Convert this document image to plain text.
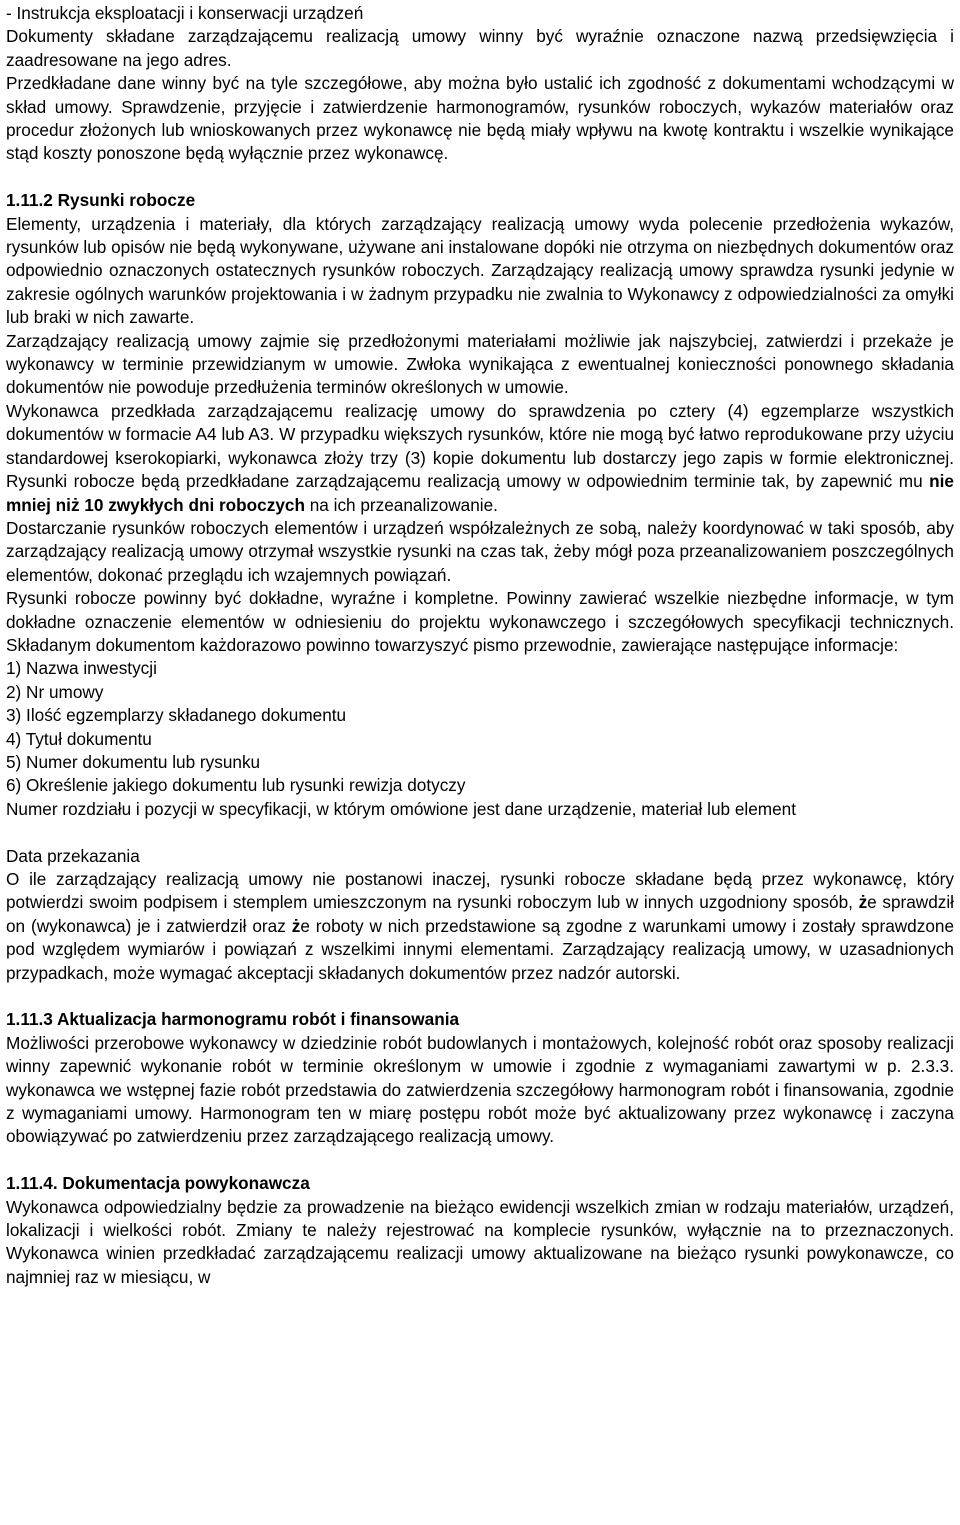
- Instrukcja eksploatacji i konserwacji urządzeń

Dokumenty składane zarządzającemu realizacją umowy winny być wyraźnie oznaczone nazwą przedsięwzięcia i zaadresowane na jego adres.

Przedkładane dane winny być na tyle szczegółowe, aby można było ustalić ich zgodność z dokumentami wchodzącymi w skład umowy. Sprawdzenie, przyjęcie i zatwierdzenie harmonogramów, rysunków roboczych, wykazów materiałów oraz procedur złożonych lub wnioskowanych przez wykonawcę nie będą miały wpływu na kwotę kontraktu i wszelkie wynikające stąd koszty ponoszone będą wyłącznie przez wykonawcę.

1.11.2 Rysunki robocze

Elementy, urządzenia i materiały, dla których zarządzający realizacją umowy wyda polecenie przedłożenia wykazów, rysunków lub opisów nie będą wykonywane, używane ani instalowane dopóki nie otrzyma on niezbędnych dokumentów oraz odpowiednio oznaczonych ostatecznych rysunków roboczych. Zarządzający realizacją umowy sprawdza rysunki jedynie w zakresie ogólnych warunków projektowania i w żadnym przypadku nie zwalnia to Wykonawcy z odpowiedzialności za omyłki lub braki w nich zawarte.

Zarządzający realizacją umowy zajmie się przedłożonymi materiałami możliwie jak najszybciej, zatwierdzi i przekaże je wykonawcy w terminie przewidzianym w umowie. Zwłoka wynikająca z ewentualnej konieczności ponownego składania dokumentów nie powoduje przedłużenia terminów określonych w umowie.

Wykonawca przedkłada zarządzającemu realizację umowy do sprawdzenia po cztery (4) egzemplarze wszystkich dokumentów w formacie A4 lub A3. W przypadku większych rysunków, które nie mogą być łatwo reprodukowane przy użyciu standardowej kserokopiarki, wykonawca złoży trzy (3) kopie dokumentu lub dostarczy jego zapis w formie elektronicznej. Rysunki robocze będą przedkładane zarządzającemu realizacją umowy w odpowiednim terminie tak, by zapewnić mu nie mniej niż 10 zwykłych dni roboczych na ich przeanalizowanie.

Dostarczanie rysunków roboczych elementów i urządzeń współzależnych ze sobą, należy koordynować w taki sposób, aby zarządzający realizacją umowy otrzymał wszystkie rysunki na czas tak, żeby mógł poza przeanalizowaniem poszczególnych elementów, dokonać przeglądu ich wzajemnych powiązań.

Rysunki robocze powinny być dokładne, wyraźne i kompletne. Powinny zawierać wszelkie niezbędne informacje, w tym dokładne oznaczenie elementów w odniesieniu do projektu wykonawczego i szczegółowych specyfikacji technicznych. Składanym dokumentom każdorazowo powinno towarzyszyć pismo przewodnie, zawierające następujące informacje:

1) Nazwa inwestycji
2) Nr umowy
3) Ilość egzemplarzy składanego dokumentu
4) Tytuł dokumentu
5) Numer dokumentu lub rysunku
6) Określenie jakiego dokumentu lub rysunki rewizja dotyczy

Numer rozdziału i pozycji w specyfikacji, w którym omówione jest dane urządzenie, materiał lub element

Data przekazania

O ile zarządzający realizacją umowy nie postanowi inaczej, rysunki robocze składane będą przez wykonawcę, który potwierdzi swoim podpisem i stemplem umieszczonym na rysunki roboczym lub w innych uzgodniony sposób, że sprawdził on (wykonawca) je i zatwierdził oraz że roboty w nich przedstawione są zgodne z warunkami umowy i zostały sprawdzone pod względem wymiarów i powiązań z wszelkimi innymi elementami. Zarządzający realizacją umowy, w uzasadnionych przypadkach, może wymagać akceptacji składanych dokumentów przez nadzór autorski.

1.11.3 Aktualizacja harmonogramu robót i finansowania

Możliwości przerobowe wykonawcy w dziedzinie robót budowlanych i montażowych, kolejność robót oraz sposoby realizacji winny zapewnić wykonanie robót w terminie określonym w umowie i zgodnie z wymaganiami zawartymi w p. 2.3.3. wykonawca we wstępnej fazie robót przedstawia do zatwierdzenia szczegółowy harmonogram robót i finansowania, zgodnie z wymaganiami umowy. Harmonogram ten w miarę postępu robót może być aktualizowany przez wykonawcę i zaczyna obowiązywać po zatwierdzeniu przez zarządzającego realizacją umowy.

1.11.4. Dokumentacja powykonawcza

Wykonawca odpowiedzialny będzie za prowadzenie na bieżąco ewidencji wszelkich zmian w rodzaju materiałów, urządzeń, lokalizacji i wielkości robót. Zmiany te należy rejestrować na komplecie rysunków, wyłącznie na to przeznaczonych. Wykonawca winien przedkładać zarządzającemu realizacji umowy aktualizowane na bieżąco rysunki powykonawcze, co najmniej raz w miesiącu, w
